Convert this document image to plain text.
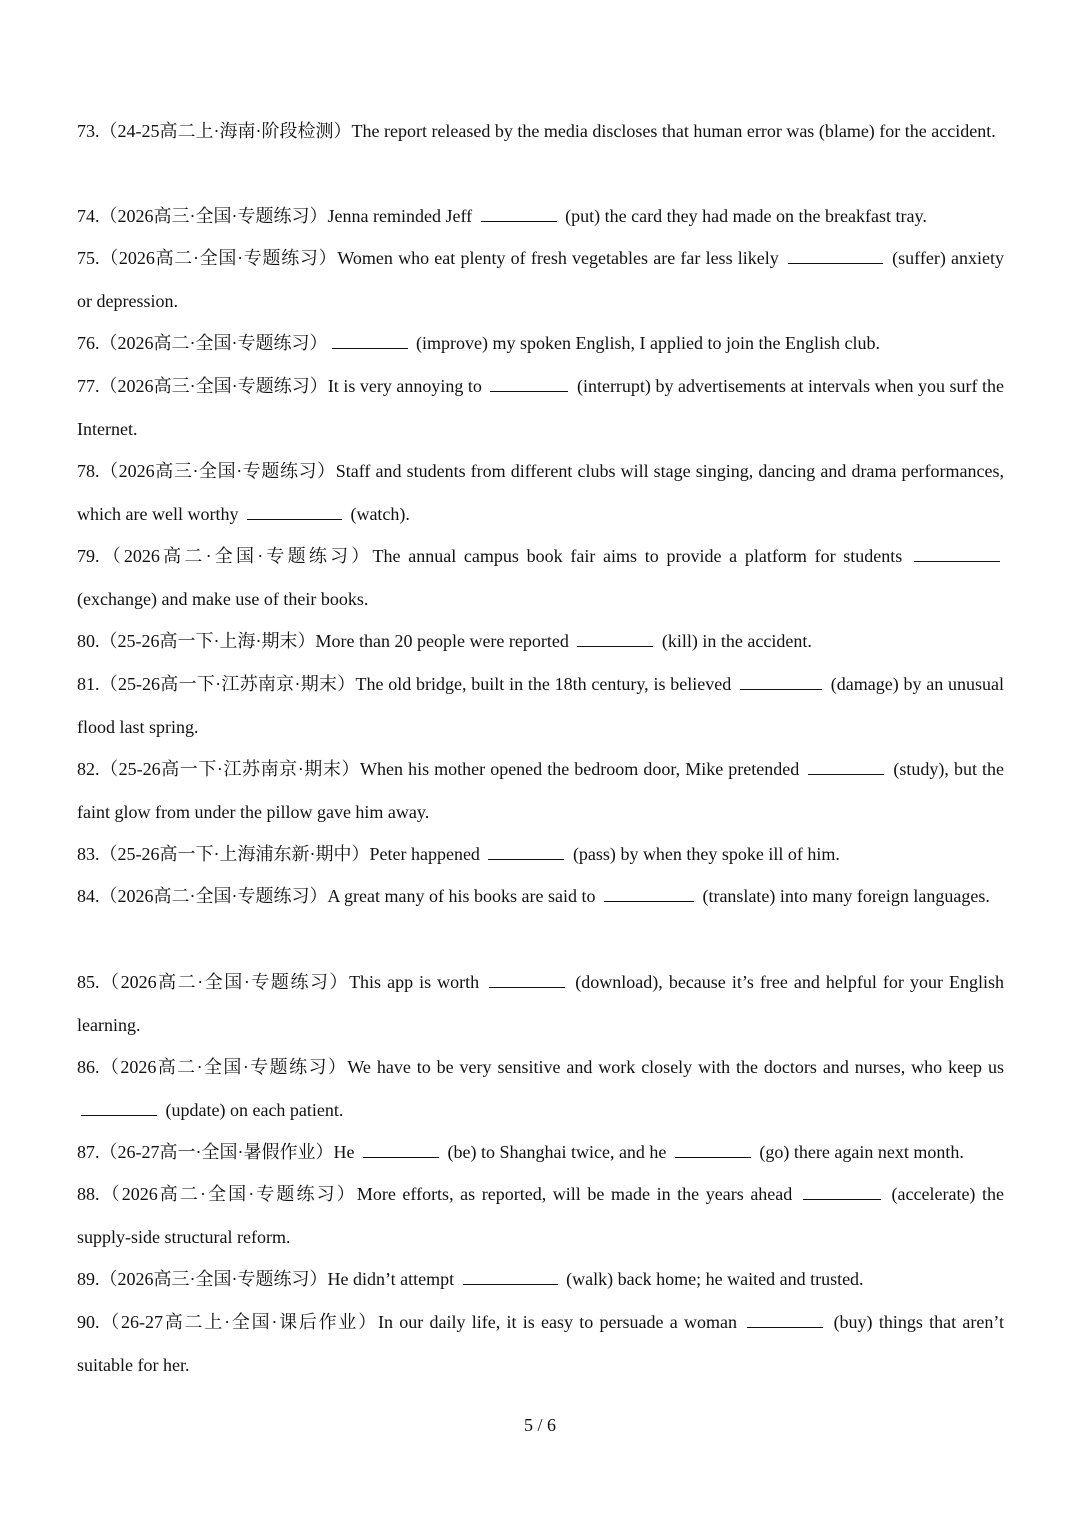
73.（24-25高二上·海南·阶段检测）The report released by the media discloses that human error was (blame) for the accident.
74.（2026高三·全国·专题练习）Jenna reminded Jeff	(put) the card they had made on the breakfast tray.
75.（2026高二·全国·专题练习）Women who eat plenty of fresh vegetables are far less likely	(suffer) anxiety or depression.
76.（2026高二·全国·专题练习）	(improve) my spoken English, I applied to join the English club.
77.（2026高三·全国·专题练习）It is very annoying to	(interrupt) by advertisements at intervals when you surf the Internet.
78.（2026高三·全国·专题练习）Staff and students from different clubs will stage singing, dancing and drama performances, which are well worthy	(watch).
79.（2026高二·全国·专题练习）The annual campus book fair aims to provide a platform for students  (exchange) and make use of their books.
80.（25-26高一下·上海·期末）More than 20 people were reported	(kill) in the accident.
81.（25-26高一下·江苏南京·期末）The old bridge, built in the 18th century, is believed	(damage) by an unusual flood last spring.
82.（25-26高一下·江苏南京·期末）When his mother opened the bedroom door, Mike pretended	(study), but the faint glow from under the pillow gave him away.
83.（25-26高一下·上海浦东新·期中）Peter happened	(pass) by when they spoke ill of him.
84.（2026高二·全国·专题练习）A great many of his books are said to	(translate) into many foreign languages.
85.（2026高二·全国·专题练习）This app is worth	(download), because it’s free and helpful for your English learning.
86.（2026高二·全国·专题练习）We have to be very sensitive and work closely with the doctors and nurses, who keep us  (update) on each patient.
87.（26-27高一·全国·暑假作业）He	(be) to Shanghai twice, and he	(go) there again next month.
88.（2026高二·全国·专题练习）More efforts, as reported, will be made in the years ahead	(accelerate) the supply-side structural reform.
89.（2026高三·全国·专题练习）He didn’t attempt	(walk) back home; he waited and trusted.
90.（26-27高二上·全国·课后作业）In our daily life, it is easy to persuade a woman	(buy) things that aren’t suitable for her.
5 / 6
